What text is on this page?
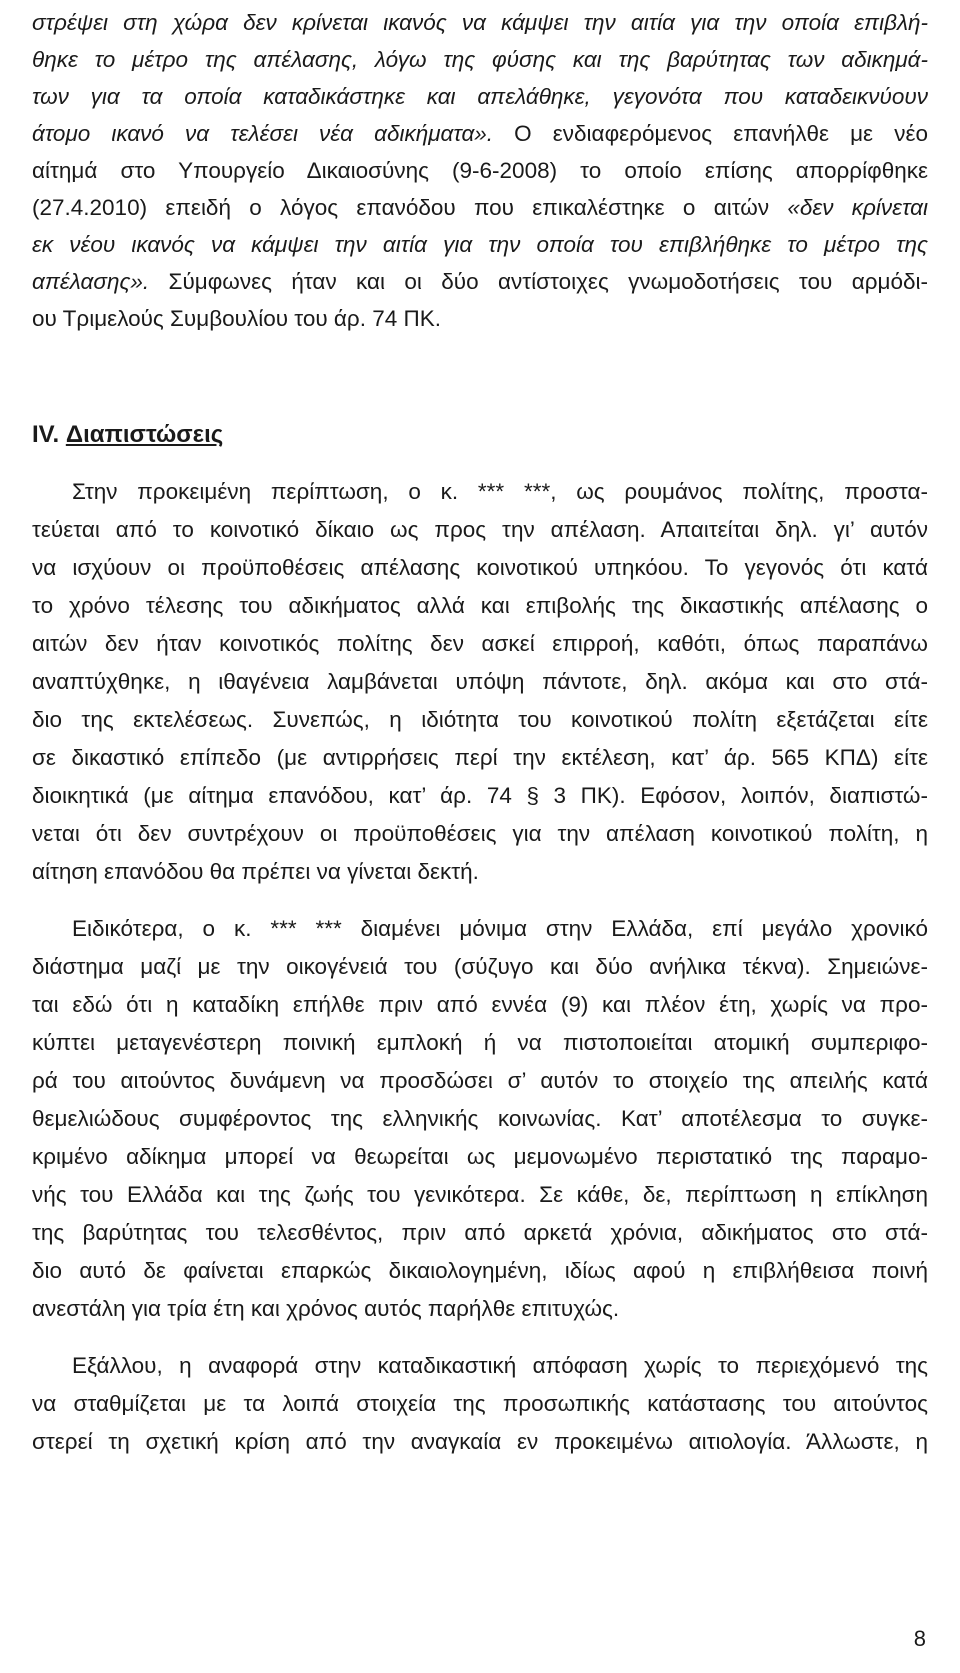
στρέψει στη χώρα δεν κρίνεται ικανός να κάμψει την αιτία για την οποία επιβλή-
θηκε το μέτρο της απέλασης, λόγω της φύσης και της βαρύτητας των αδικημά-
των για τα οποία καταδικάστηκε και απελάθηκε, γεγονότα που καταδεικνύουν
άτομο ικανό να τελέσει νέα αδικήματα». Ο ενδιαφερόμενος επανήλθε με νέο
αίτημά στο Υπουργείο Δικαιοσύνης (9-6-2008) το οποίο επίσης απορρίφθηκε
(27.4.2010) επειδή ο λόγος επανόδου που επικαλέστηκε ο αιτών «δεν κρίνεται
εκ νέου ικανός να κάμψει την αιτία για την οποία του επιβλήθηκε το μέτρο της
απέλασης». Σύμφωνες ήταν και οι δύο αντίστοιχες γνωμοδοτήσεις του αρμόδι-
ου Τριμελούς Συμβουλίου του άρ. 74 ΠΚ.
IV. Διαπιστώσεις
Στην προκειμένη περίπτωση, ο κ. *** ***, ως ρουμάνος πολίτης, προστα-
τεύεται από το κοινοτικό δίκαιο ως προς την απέλαση. Απαιτείται δηλ. γι’ αυτόν
να ισχύουν οι προϋποθέσεις απέλασης κοινοτικού υπηκόου. Το γεγονός ότι κατά
το χρόνο τέλεσης του αδικήματος αλλά και επιβολής της δικαστικής απέλασης ο
αιτών δεν ήταν κοινοτικός πολίτης δεν ασκεί επιρροή, καθότι, όπως παραπάνω
αναπτύχθηκε, η ιθαγένεια λαμβάνεται υπόψη πάντοτε, δηλ. ακόμα και στο στά-
διο της εκτελέσεως. Συνεπώς, η ιδιότητα του κοινοτικού πολίτη εξετάζεται είτε
σε δικαστικό επίπεδο (με αντιρρήσεις περί την εκτέλεση, κατ’ άρ. 565 ΚΠΔ) είτε
διοικητικά (με αίτημα επανόδου, κατ’ άρ. 74 § 3 ΠΚ). Εφόσον, λοιπόν, διαπιστώ-
νεται ότι δεν συντρέχουν οι προϋποθέσεις για την απέλαση κοινοτικού πολίτη, η
αίτηση επανόδου θα πρέπει να γίνεται δεκτή.
Ειδικότερα, ο κ. *** *** διαμένει μόνιμα στην Ελλάδα, επί μεγάλο χρονικό
διάστημα μαζί με την οικογένειά του (σύζυγο και δύο ανήλικα τέκνα). Σημειώνε-
ται εδώ ότι η καταδίκη επήλθε πριν από εννέα (9) και πλέον έτη, χωρίς να προ-
κύπτει μεταγενέστερη ποινική εμπλοκή ή να πιστοποιείται ατομική συμπεριφο-
ρά του αιτούντος δυνάμενη να προσδώσει σ’ αυτόν το στοιχείο της απειλής κατά
θεμελιώδους συμφέροντος της ελληνικής κοινωνίας. Κατ’ αποτέλεσμα το συγκε-
κριμένο αδίκημα μπορεί να θεωρείται ως μεμονωμένο περιστατικό της παραμο-
νής του Ελλάδα και της ζωής του γενικότερα. Σε κάθε, δε, περίπτωση η επίκληση
της βαρύτητας του τελεσθέντος, πριν από αρκετά χρόνια, αδικήματος στο στά-
διο αυτό δε φαίνεται επαρκώς δικαιολογημένη, ιδίως αφού η επιβλήθεισα ποινή
ανεστάλη για τρία έτη και χρόνος αυτός παρήλθε επιτυχώς.
Εξάλλου, η αναφορά στην καταδικαστική απόφαση χωρίς το περιεχόμενό της
να σταθμίζεται με τα λοιπά στοιχεία της προσωπικής κατάστασης του αιτούντος
στερεί τη σχετική κρίση από την αναγκαία εν προκειμένω αιτιολογία. Άλλωστε, η
8
